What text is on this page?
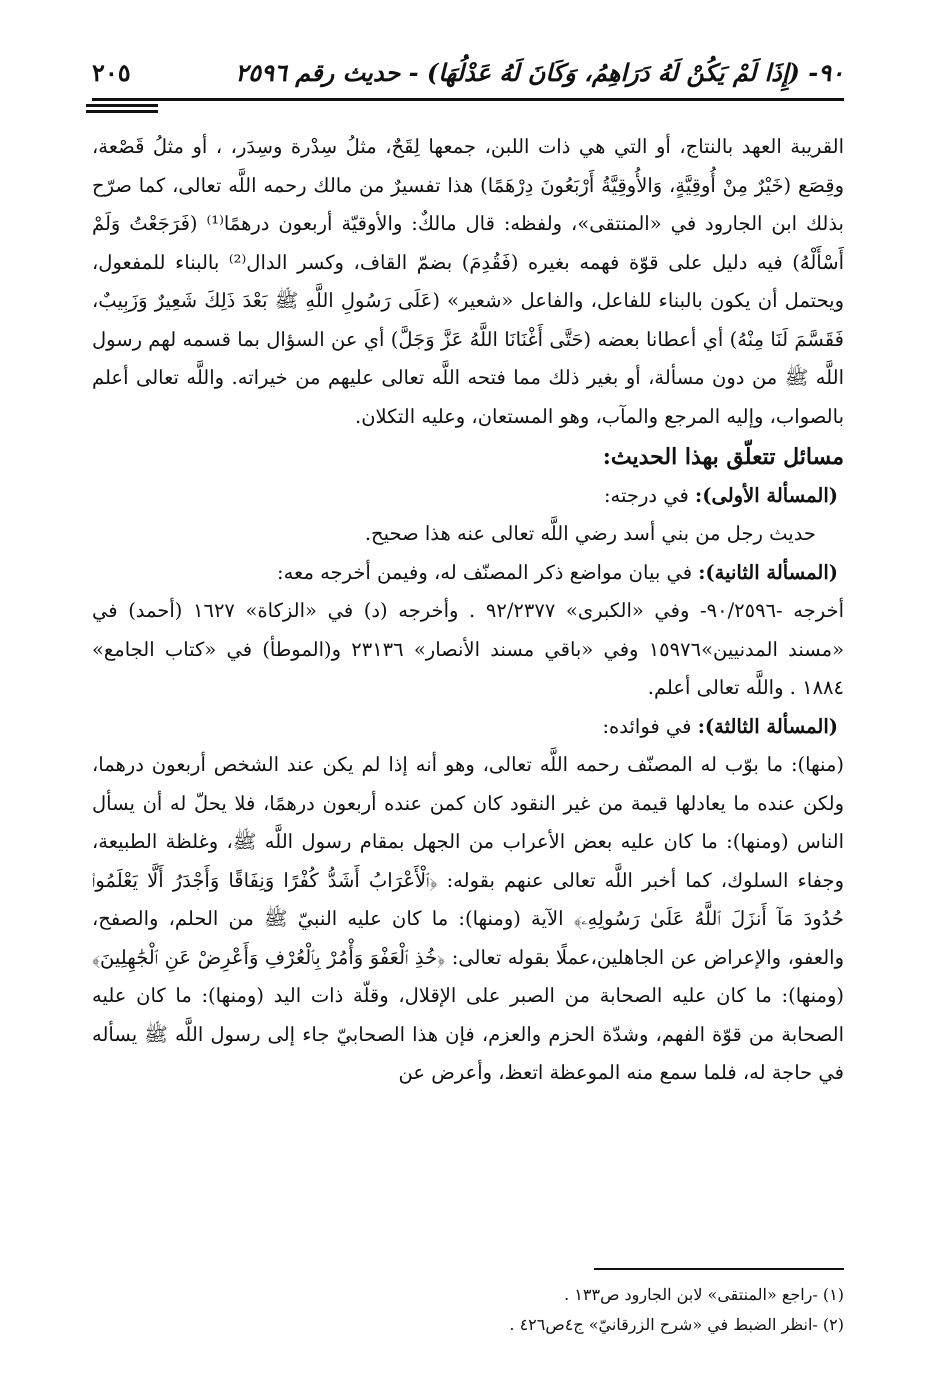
٩٠- (إِذَا لَمْ يَكُنْ لَهُ دَرَاهِمُ، وَكَانَ لَهُ عَدْلُهَا) - حديث رقم ٢٥٩٦
٢٠٥

القريبة العهد بالنتاج، أو التي هي ذات اللبن، جمعها لِقَحٌ، مثلُ سِدْرة وسِدَر، ، أو مثلُ قَصْعة، وقِصَع (خَيْرٌ مِنْ أُوقِيَّةٍ، وَالأُوقِيَّةُ أَرْبَعُونَ دِرْهَمًا) هذا تفسيرٌ من مالك رحمه اللَّه تعالى، كما صرّح بذلك ابن الجارود في «المنتقى»، ولفظه: قال مالكٌ: والأوقيّة أربعون درهمًا⁽¹⁾ (فَرَجَعْتُ وَلَمْ أَسْأَلْهُ) فيه دليل على قوّة فهمه بغيره (فَقُدِمَ) بضمّ القاف، وكسر الدال⁽²⁾ بالبناء للمفعول، ويحتمل أن يكون بالبناء للفاعل، والفاعل «شعير» (عَلَى رَسُولِ اللَّهِ ﷺ بَعْدَ ذَلِكَ شَعِيرٌ وَزَبِيبٌ، فَقَسَّمَ لَنَا مِنْهُ) أي أعطانا بعضه (حَتَّى أَغْنَانَا اللَّهُ عَزَّ وَجَلَّ) أي عن السؤال بما قسمه لهم رسول اللَّه ﷺ من دون مسألة، أو بغير ذلك مما فتحه اللَّه تعالى عليهم من خيراته. واللَّه تعالى أعلم بالصواب، وإليه المرجع والمآب، وهو المستعان، وعليه التكلان.

مسائل تتعلّق بهذا الحديث:

(المسألة الأولى): في درجته:

حديث رجل من بني أسد رضي اللَّه تعالى عنه هذا صحيح.

(المسألة الثانية): في بيان مواضع ذكر المصنّف له، وفيمن أخرجه معه:

أخرجه -٩٠/٢٥٩٦- وفي «الكبرى» ٩٢/٢٣٧٧ . وأخرجه (د) في «الزكاة» ١٦٢٧ (أحمد) في «مسند المدنيين»١٥٩٧٦ وفي «باقي مسند الأنصار» ٢٣١٣٦ و(الموطأ) في «كتاب الجامع» ١٨٨٤ . واللَّه تعالى أعلم.

(المسألة الثالثة): في فوائده:

(منها): ما بوّب له المصنّف رحمه اللَّه تعالى، وهو أنه إذا لم يكن عند الشخص أربعون درهما، ولكن عنده ما يعادلها قيمة من غير النقود كان كمن عنده أربعون درهمًا، فلا يحلّ له أن يسأل الناس (ومنها): ما كان عليه بعض الأعراب من الجهل بمقام رسول اللَّه ﷺ، وغلظة الطبيعة، وجفاء السلوك، كما أخبر اللَّه تعالى عنهم بقوله: ﴿ٱلْأَعْرَابُ أَشَدُّ كُفْرًا وَنِفَاقًا وَأَجْدَرُ أَلَّا يَعْلَمُوا۟ حُدُودَ مَآ أَنزَلَ ٱللَّهُ عَلَىٰ رَسُولِهِۦ﴾ الآية (ومنها): ما كان عليه النبيّ ﷺ من الحلم، والصفح، والعفو، والإعراض عن الجاهلين،عملًا بقوله تعالى: ﴿خُذِ ٱلْعَفْوَ وَأْمُرْ بِٱلْعُرْفِ وَأَعْرِضْ عَنِ ٱلْجَٰهِلِينَ﴾ (ومنها): ما كان عليه الصحابة من الصبر على الإقلال، وقلّة ذات اليد (ومنها): ما كان عليه الصحابة من قوّة الفهم، وشدّة الحزم والعزم، فإن هذا الصحابيّ جاء إلى رسول اللَّه ﷺ يسأله في حاجة له، فلما سمع منه الموعظة اتعظ، وأعرض عن

(١) -راجع «المنتقى» لابن الجارود ص١٣٣ .
(٢) -انظر الضبط في «شرح الزرقانيّ» ج٤ص٤٢٦ .
